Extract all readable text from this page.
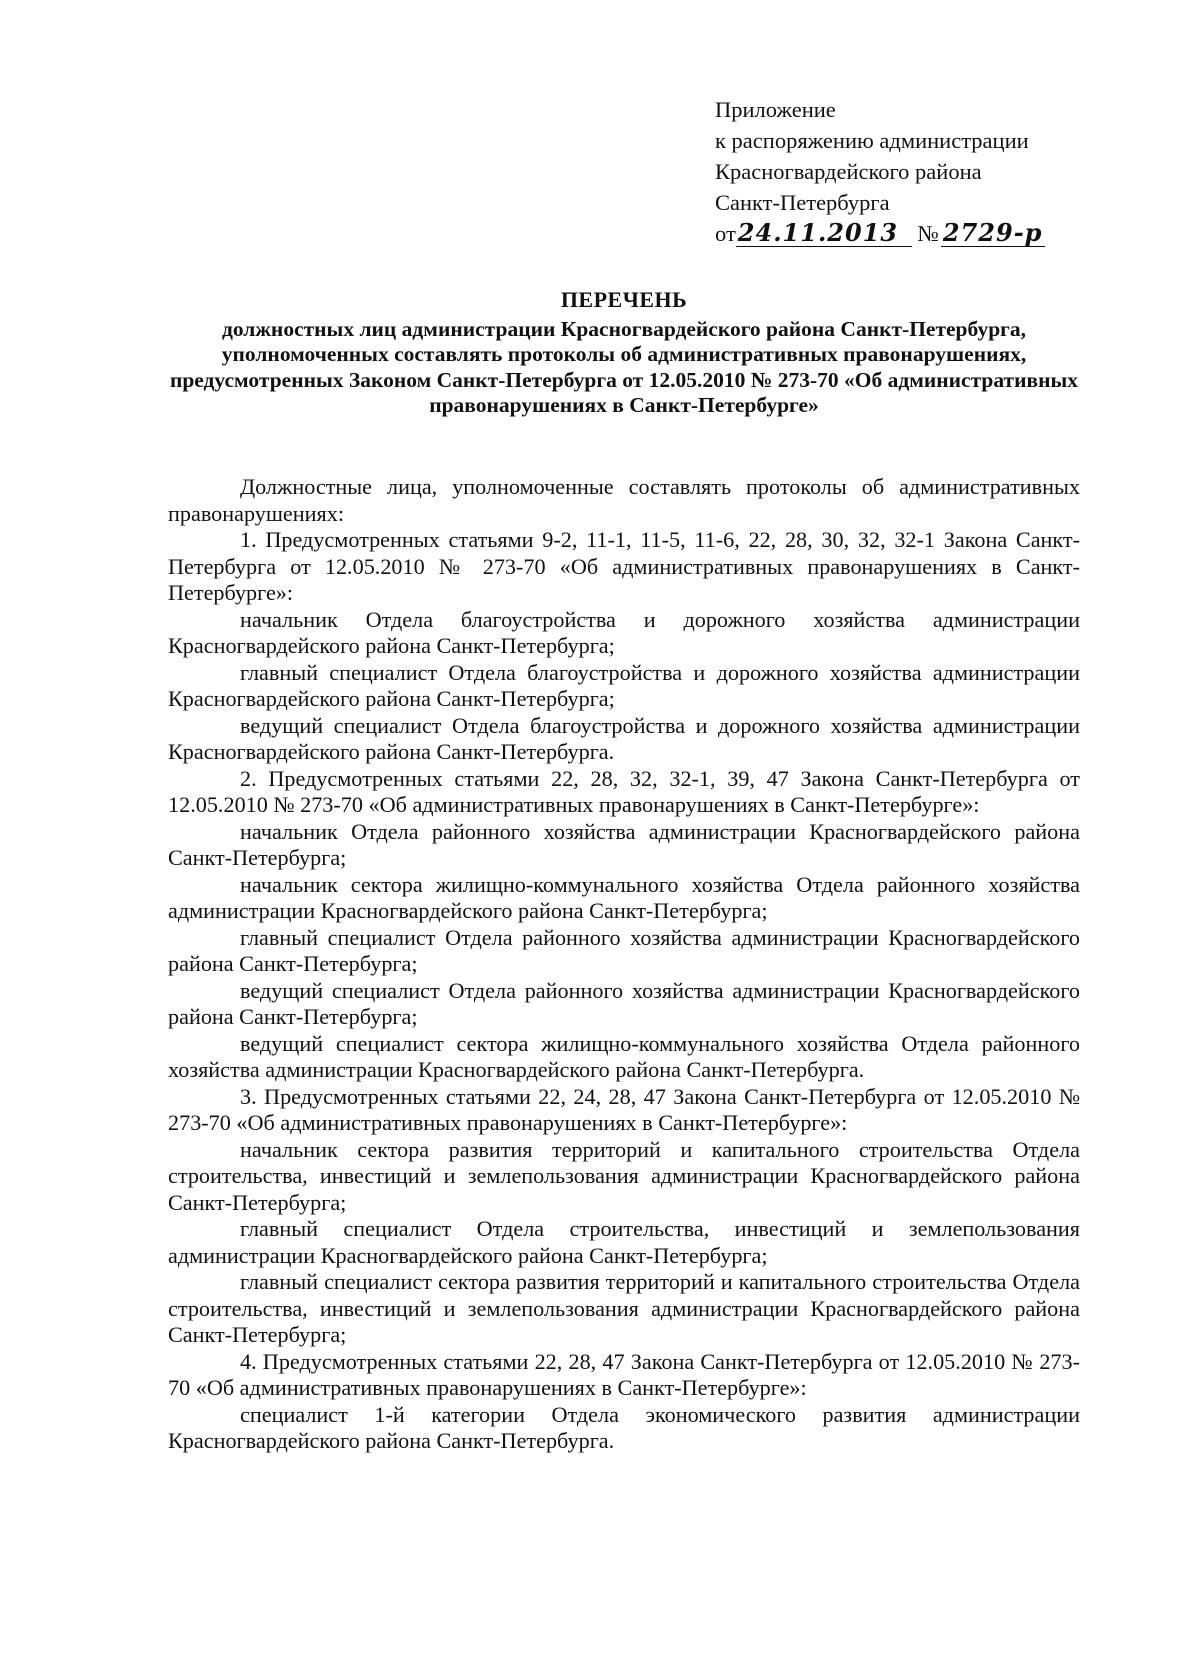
Приложение
к распоряжению администрации
Красногвардейского района
Санкт-Петербурга
от24.11.2013 № 2729-р
ПЕРЕЧЕНЬ
должностных лиц администрации Красногвардейского района Санкт-Петербурга, уполномоченных составлять протоколы об административных правонарушениях, предусмотренных Законом Санкт-Петербурга от 12.05.2010 № 273-70 «Об административных правонарушениях в Санкт-Петербурге»

Должностные лица, уполномоченные составлять протоколы об административных правонарушениях:

1. Предусмотренных статьями 9-2, 11-1, 11-5, 11-6, 22, 28, 30, 32, 32-1 Закона Санкт-Петербурга от 12.05.2010 № 273-70 «Об административных правонарушениях в Санкт-Петербурге»:

начальник Отдела благоустройства и дорожного хозяйства администрации Красногвардейского района Санкт-Петербурга;

главный специалист Отдела благоустройства и дорожного хозяйства администрации Красногвардейского района Санкт-Петербурга;

ведущий специалист Отдела благоустройства и дорожного хозяйства администрации Красногвардейского района Санкт-Петербурга.

2. Предусмотренных статьями 22, 28, 32, 32-1, 39, 47 Закона Санкт-Петербурга от 12.05.2010 № 273-70 «Об административных правонарушениях в Санкт-Петербурге»:

начальник Отдела районного хозяйства администрации Красногвардейского района Санкт-Петербурга;

начальник сектора жилищно-коммунального хозяйства Отдела районного хозяйства администрации Красногвардейского района Санкт-Петербурга;

главный специалист Отдела районного хозяйства администрации Красногвардейского района Санкт-Петербурга;

ведущий специалист Отдела районного хозяйства администрации Красногвардейского района Санкт-Петербурга;

ведущий специалист сектора жилищно-коммунального хозяйства Отдела районного хозяйства администрации Красногвардейского района Санкт-Петербурга.

3. Предусмотренных статьями 22, 24, 28, 47 Закона Санкт-Петербурга от 12.05.2010 № 273-70 «Об административных правонарушениях в Санкт-Петербурге»:

начальник сектора развития территорий и капитального строительства Отдела строительства, инвестиций и землепользования администрации Красногвардейского района Санкт-Петербурга;

главный специалист Отдела строительства, инвестиций и землепользования администрации Красногвардейского района Санкт-Петербурга;

главный специалист сектора развития территорий и капитального строительства Отдела строительства, инвестиций и землепользования администрации Красногвардейского района Санкт-Петербурга;

4. Предусмотренных статьями 22, 28, 47 Закона Санкт-Петербурга от 12.05.2010 № 273-70 «Об административных правонарушениях в Санкт-Петербурге»:

специалист 1-й категории Отдела экономического развития администрации Красногвардейского района Санкт-Петербурга.
